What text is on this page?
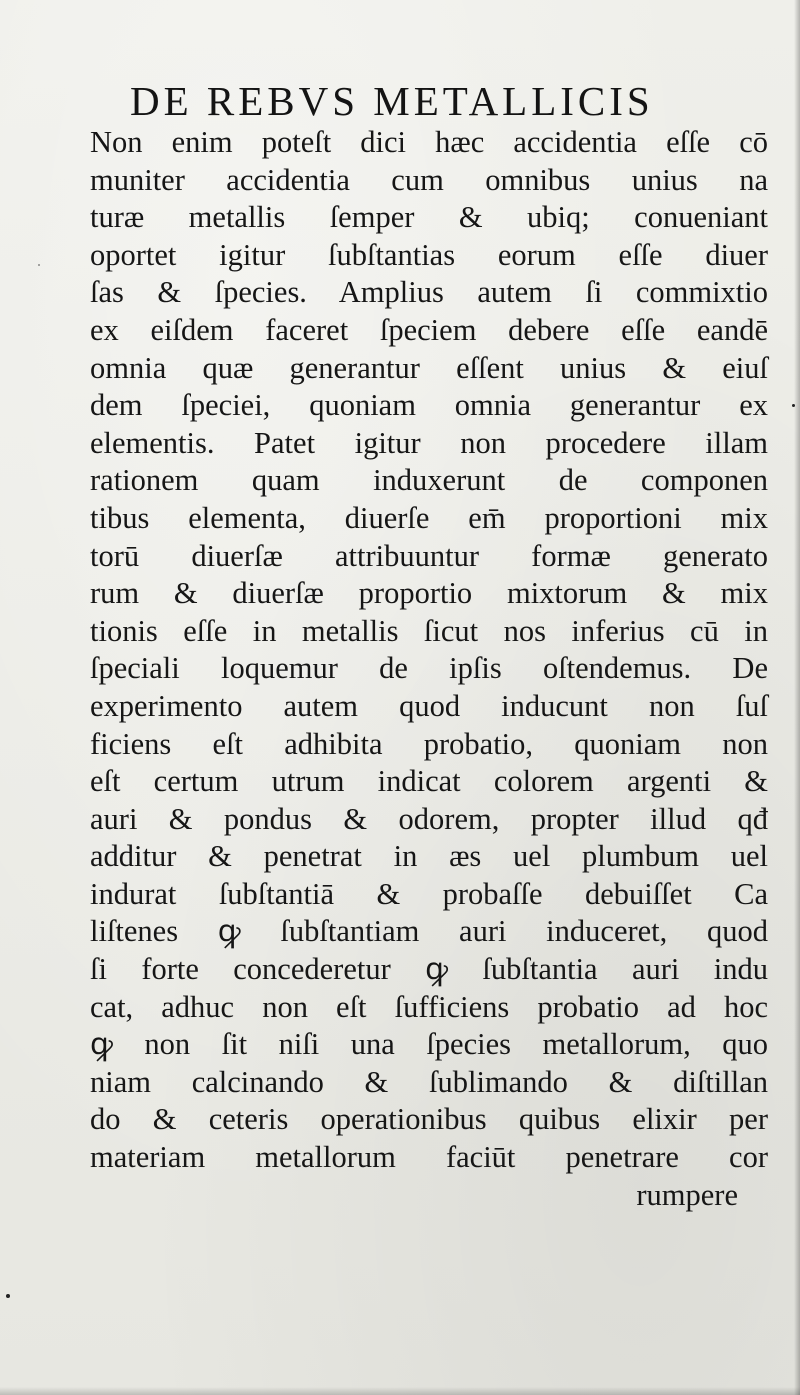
DE REBVS METALLICIS
Non enim poteſt dici hæc accidentia eſſe cō
muniter accidentia cum omnibus unius na
turæ metallis ſemper & ubiq; conueniant
oportet igitur ſubſtantias eorum eſſe diuer
ſas & ſpecies. Amplius autem ſi commixtio
ex eiſdem faceret ſpeciem debere eſſe eandē
omnia quæ generantur eſſent unius & eiuſ
dem ſpeciei, quoniam omnia generantur ex
elementis. Patet igitur non procedere illam
rationem quam induxerunt de componen
tibus elementa, diuerſe em̄ proportioni mix
torū diuerſæ attribuuntur formæ generato
rum & diuerſæ proportio mixtorum & mix
tionis eſſe in metallis ſicut nos inferius cū in
ſpeciali loquemur de ipſis oſtendemus. De
experimento autem quod inducunt non ſuſ
ficiens eſt adhibita probatio, quoniam non
eſt certum utrum indicat colorem argenti &
auri & pondus & odorem, propter illud qđ
additur & penetrat in æs uel plumbum uel
indurat ſubſtantiā & probaſſe debuiſſet Ca
liſtenes ꝙ ſubſtantiam auri induceret, quod
ſi forte concederetur ꝙ ſubſtantia auri indu
cat, adhuc non eſt ſufficiens probatio ad hoc
ꝙ non ſit niſi una ſpecies metallorum, quo
niam calcinando & ſublimando & diſtillan
do & ceteris operationibus quibus elixir per
materiam metallorum faciūt penetrare cor
rumpere
